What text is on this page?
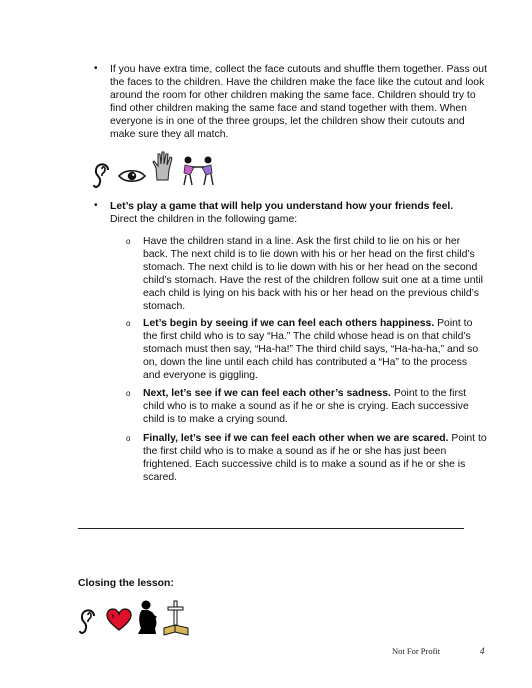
• If you have extra time, collect the face cutouts and shuffle them together. Pass out the faces to the children. Have the children make the face like the cutout and look around the room for other children making the same face. Children should try to find other children making the same face and stand together with them. When everyone is in one of the three groups, let the children show their cutouts and make sure they all match.
• Let’s play a game that will help you understand how your friends feel.
Direct the children in the following game:
o Have the children stand in a line. Ask the first child to lie on his or her back. The next child is to lie down with his or her head on the first child’s stomach. The next child is to lie down with his or her head on the second child’s stomach. Have the rest of the children follow suit one at a time until each child is lying on his back with his or her head on the previous child’s stomach.
o Let’s begin by seeing if we can feel each others happiness. Point to the first child who is to say “Ha.” The child whose head is on that child’s stomach must then say, “Ha-ha!” The third child says, “Ha-ha-ha,” and so on, down the line until each child has contributed a “Ha” to the process and everyone is giggling.
o Next, let’s see if we can feel each other’s sadness. Point to the first child who is to make a sound as if he or she is crying. Each successive child is to make a crying sound.
o Finally, let’s see if we can feel each other when we are scared. Point to the first child who is to make a sound as if he or she has just been frightened. Each successive child is to make a sound as if he or she is scared.
Closing the lesson:
Not For Profit	4
